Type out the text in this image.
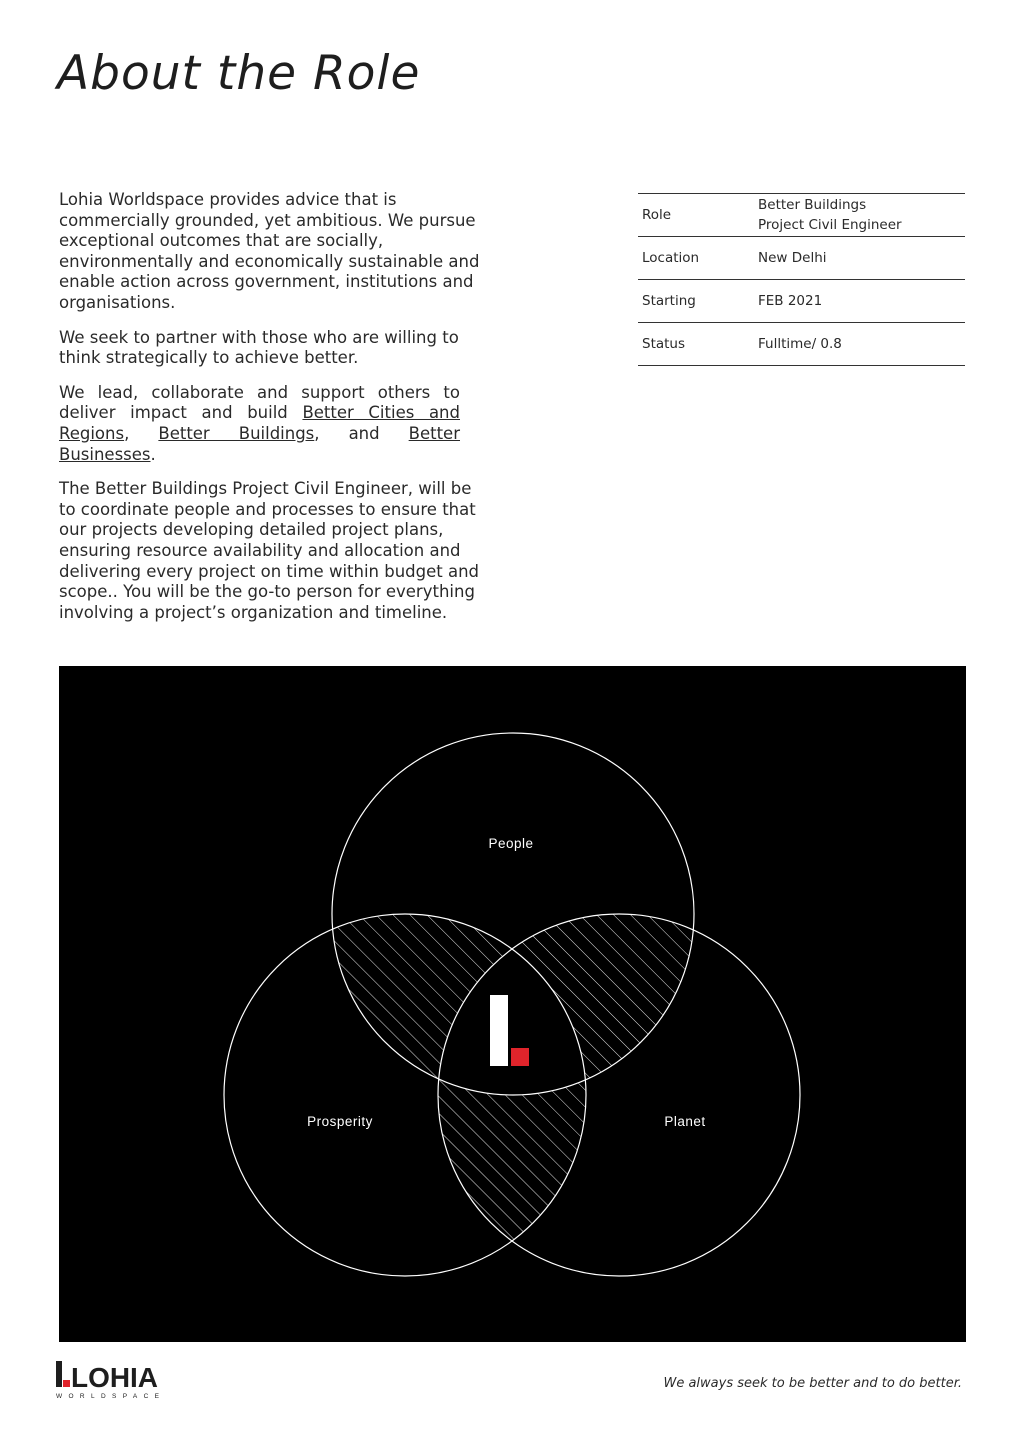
About the Role

Lohia Worldspace provides advice that is commercially grounded, yet ambitious. We pursue exceptional outcomes that are socially, environmentally and economically sustainable and enable action across government, institutions and organisations.

We seek to partner with those who are willing to think strategically to achieve better.

We lead, collaborate and support others to deliver impact and build Better Cities and Regions, Better Buildings, and Better Businesses.

The Better Buildings Project Civil Engineer, will be to coordinate people and processes to ensure that our projects developing detailed project plans, ensuring resource availability and allocation and delivering every project on time within budget and scope.. You will be the go-to person for everything involving a project’s organization and timeline.

Role	Better Buildings
Project Civil Engineer
Location	New Delhi
Starting	FEB 2021
Status	Fulltime/ 0.8
People
Prosperity	Planet
LOHIA
WORLDSPACE

We always seek to be better and to do better.
